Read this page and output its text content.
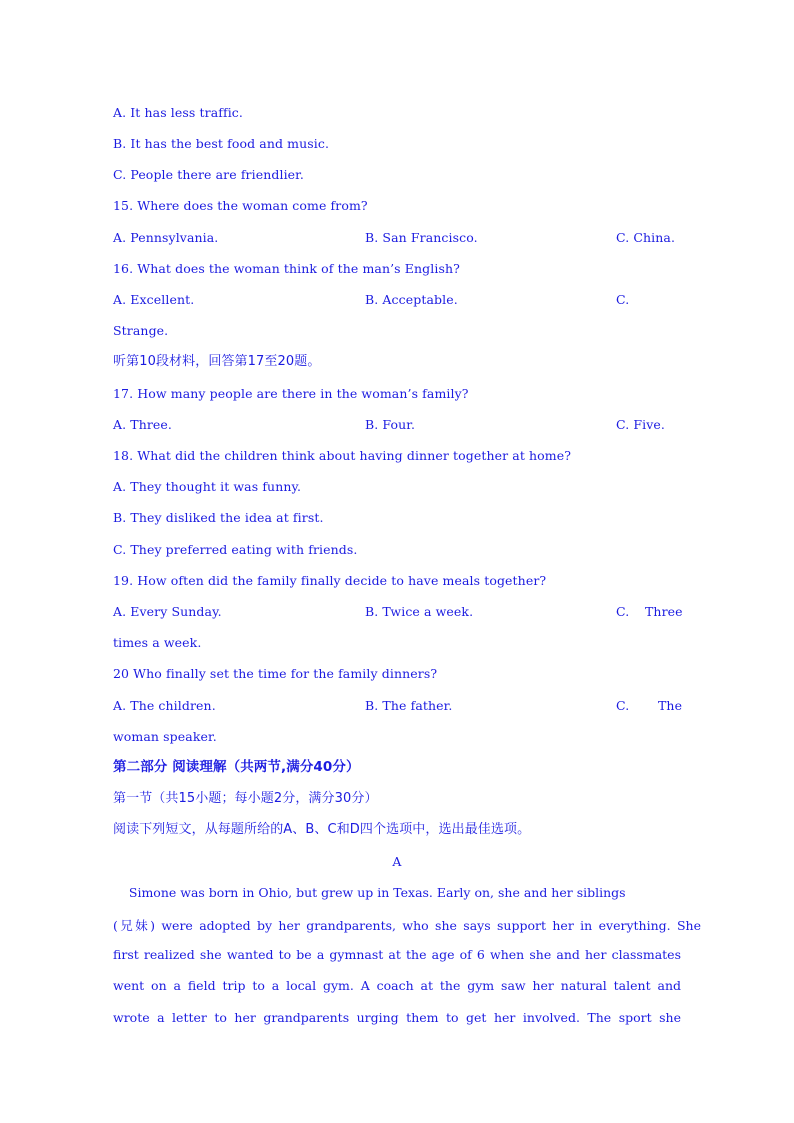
A. It has less traffic.
B. It has the best food and music.
C. People there are friendlier.
15. Where does the woman come from?
A. Pennsylvania.	B. San Francisco.	C. China.
16. What does the woman think of the man’s English?
A. Excellent.	B. Acceptable.	C.
Strange.
听第10段材料，回答第17至20题。
17. How many people are there in the woman’s family?
A. Three.	B. Four.	C. Five.
18. What did the children think about having dinner together at home?
A. They thought it was funny.
B. They disliked the idea at first.
C. They preferred eating with friends.
19. How often did the family finally decide to have meals together?
A. Every Sunday.	B. Twice a week.	C. Three
times a week.
20 Who finally set the time for the family dinners?
A. The children.	B. The father.	C. The
woman speaker.
第二部分 阅读理解（共两节,满分40分）
第一节（共15小题；每小题2分，满分30分）
阅读下列短文，从每题所给的A、B、C和D四个选项中，选出最佳选项。
A
Simone was born in Ohio, but grew up in Texas. Early on, she and her siblings
(兄妹) were adopted by her grandparents, who she says support her in everything. She
first realized she wanted to be a gymnast at the age of 6 when she and her classmates
went on a field trip to a local gym. A coach at the gym saw her natural talent and
wrote a letter to her grandparents urging them to get her involved. The sport she
